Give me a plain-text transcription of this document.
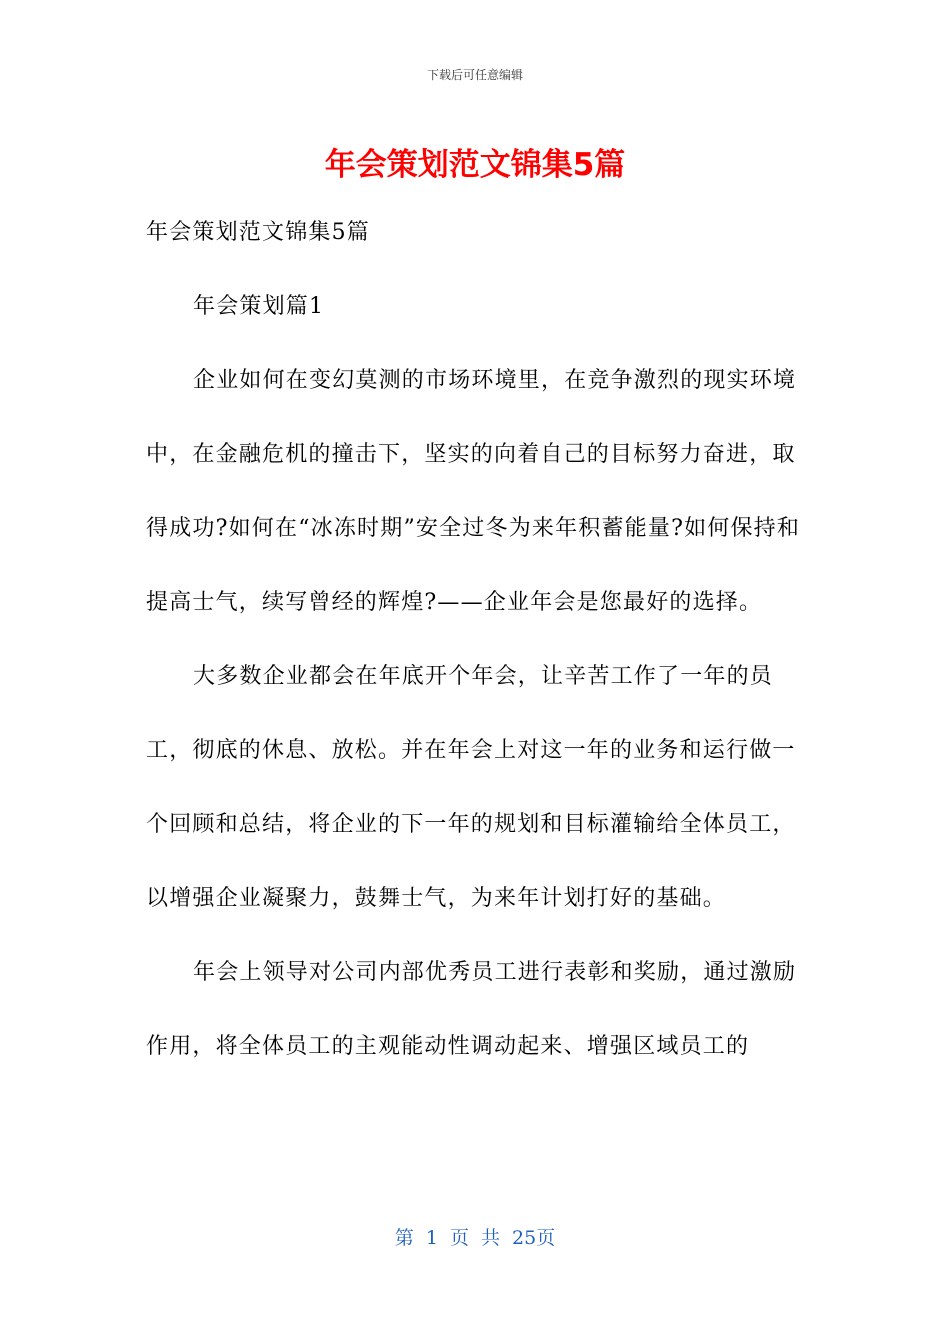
下载后可任意编辑
年会策划范文锦集5篇

年会策划范文锦集5篇

年会策划篇1

企业如何在变幻莫测的市场环境里，在竞争激烈的现实环境中，在金融危机的撞击下，坚实的向着自己的目标努力奋进，取得成功?如何在“冰冻时期”安全过冬为来年积蓄能量?如何保持和提高士气，续写曾经的辉煌?——企业年会是您最好的选择。

大多数企业都会在年底开个年会，让辛苦工作了一年的员工，彻底的休息、放松。并在年会上对这一年的业务和运行做一个回顾和总结，将企业的下一年的规划和目标灌输给全体员工，以增强企业凝聚力，鼓舞士气，为来年计划打好的基础。

年会上领导对公司内部优秀员工进行表彰和奖励，通过激励作用，将全体员工的主观能动性调动起来、增强区域员工的

第 1 页 共 25页
